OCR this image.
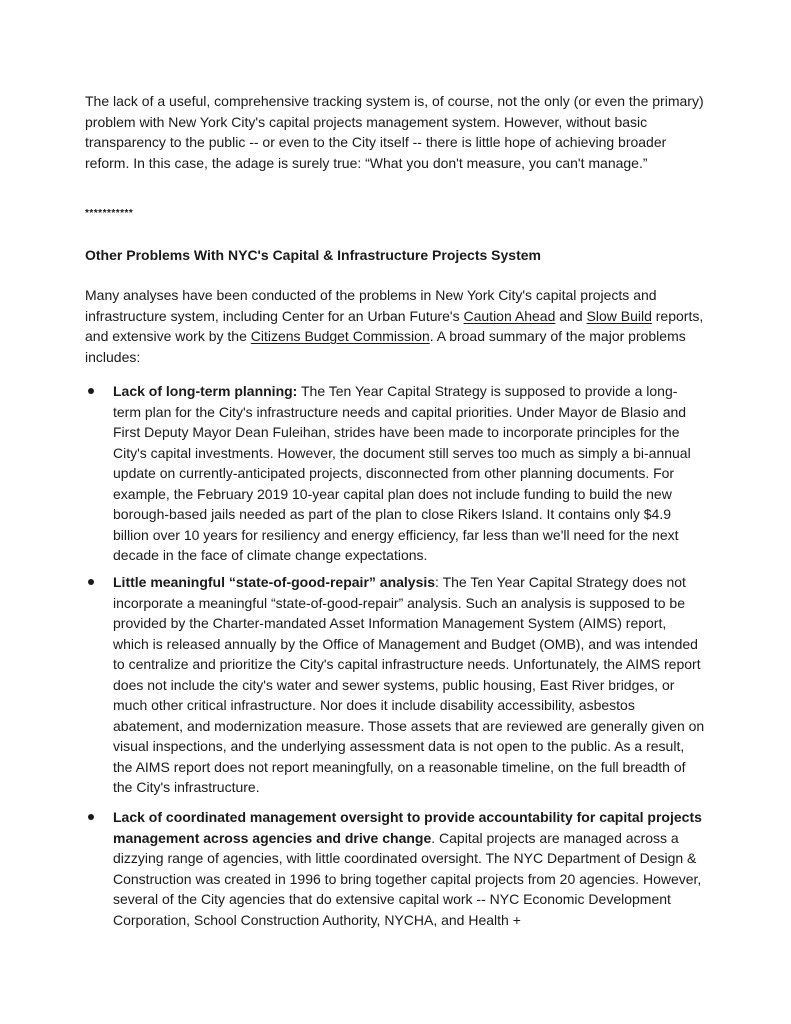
The lack of a useful, comprehensive tracking system is, of course, not the only (or even the primary) problem with New York City's capital projects management system. However, without basic transparency to the public -- or even to the City itself -- there is little hope of achieving broader reform. In this case, the adage is surely true: “What you don't measure, you can't manage.”
***********
Other Problems With NYC's Capital & Infrastructure Projects System
Many analyses have been conducted of the problems in New York City's capital projects and infrastructure system, including Center for an Urban Future's Caution Ahead and Slow Build reports, and extensive work by the Citizens Budget Commission. A broad summary of the major problems includes:
Lack of long-term planning: The Ten Year Capital Strategy is supposed to provide a long-term plan for the City's infrastructure needs and capital priorities. Under Mayor de Blasio and First Deputy Mayor Dean Fuleihan, strides have been made to incorporate principles for the City's capital investments. However, the document still serves too much as simply a bi-annual update on currently-anticipated projects, disconnected from other planning documents. For example, the February 2019 10-year capital plan does not include funding to build the new borough-based jails needed as part of the plan to close Rikers Island. It contains only $4.9 billion over 10 years for resiliency and energy efficiency, far less than we'll need for the next decade in the face of climate change expectations.
Little meaningful “state-of-good-repair” analysis: The Ten Year Capital Strategy does not incorporate a meaningful “state-of-good-repair” analysis. Such an analysis is supposed to be provided by the Charter-mandated Asset Information Management System (AIMS) report, which is released annually by the Office of Management and Budget (OMB), and was intended to centralize and prioritize the City's capital infrastructure needs. Unfortunately, the AIMS report does not include the city's water and sewer systems, public housing, East River bridges, or much other critical infrastructure. Nor does it include disability accessibility, asbestos abatement, and modernization measure. Those assets that are reviewed are generally given on visual inspections, and the underlying assessment data is not open to the public. As a result, the AIMS report does not report meaningfully, on a reasonable timeline, on the full breadth of the City's infrastructure.
Lack of coordinated management oversight to provide accountability for capital projects management across agencies and drive change. Capital projects are managed across a dizzying range of agencies, with little coordinated oversight. The NYC Department of Design & Construction was created in 1996 to bring together capital projects from 20 agencies. However, several of the City agencies that do extensive capital work -- NYC Economic Development Corporation, School Construction Authority, NYCHA, and Health +
